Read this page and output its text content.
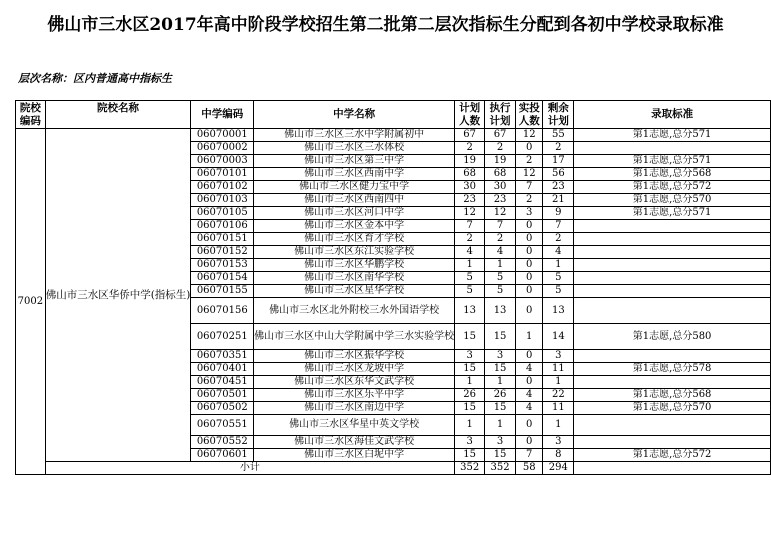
佛山市三水区2017年高中阶段学校招生第二批第二层次指标生分配到各初中学校录取标准
层次名称：区内普通高中指标生
院校编码	院校名称	中学编码	中学名称	计划人数	执行计划	实投人数	剩余计划	录取标准
7002	佛山市三水区华侨中学(指标生)	06070001	佛山市三水区三水中学附属初中	67	67	12	55	第1志愿,总分571
		06070002	佛山市三水区三水体校	2	2	0	2	
		06070003	佛山市三水区第三中学	19	19	2	17	第1志愿,总分571
		06070101	佛山市三水区西南中学	68	68	12	56	第1志愿,总分568
		06070102	佛山市三水区健力宝中学	30	30	7	23	第1志愿,总分572
		06070103	佛山市三水区西南四中	23	23	2	21	第1志愿,总分570
		06070105	佛山市三水区河口中学	12	12	3	9	第1志愿,总分571
		06070106	佛山市三水区金本中学	7	7	0	7	
		06070151	佛山市三水区育才学校	2	2	0	2	
		06070152	佛山市三水区东江实验学校	4	4	0	4	
		06070153	佛山市三水区华鹏学校	1	1	0	1	
		06070154	佛山市三水区南华学校	5	5	0	5	
		06070155	佛山市三水区星华学校	5	5	0	5	
		06070156	佛山市三水区北外附校三水外国语学校	13	13	0	13	
		06070251	佛山市三水区中山大学附属中学三水实验学校	15	15	1	14	第1志愿,总分580
		06070351	佛山市三水区振华学校	3	3	0	3	
		06070401	佛山市三水区龙坡中学	15	15	4	11	第1志愿,总分578
		06070451	佛山市三水区东华文武学校	1	1	0	1	
		06070501	佛山市三水区乐平中学	26	26	4	22	第1志愿,总分568
		06070502	佛山市三水区南边中学	15	15	4	11	第1志愿,总分570
		06070551	佛山市三水区华星中英文学校	1	1	0	1	
		06070552	佛山市三水区海佳文武学校	3	3	0	3	
		06070601	佛山市三水区白坭中学	15	15	7	8	第1志愿,总分572
	小计			352	352	58	294	
